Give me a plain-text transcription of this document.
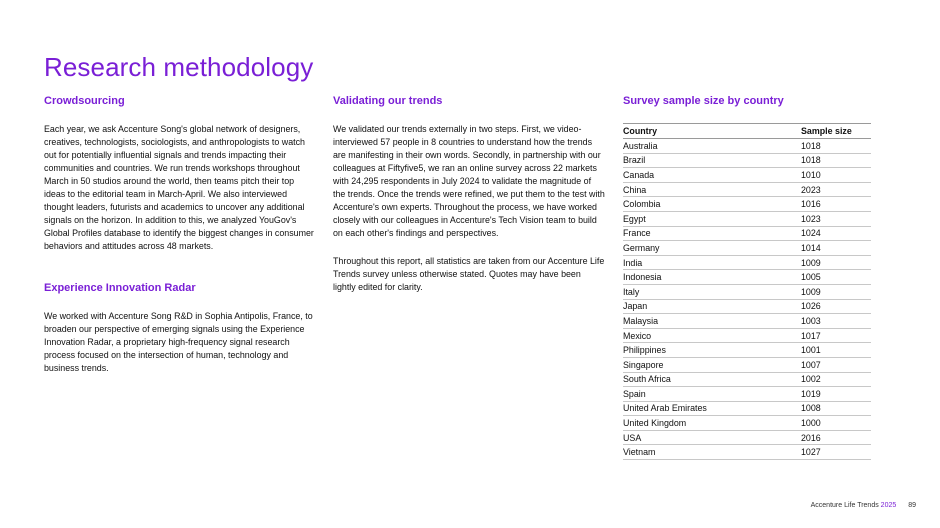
Research methodology
Crowdsourcing

Each year, we ask Accenture Song's global network of designers, creatives, technologists, sociologists, and anthropologists to watch out for potentially influential signals and trends impacting their communities and countries. We run trends workshops throughout March in 50 studios around the world, then teams pitch their top ideas to the editorial team in March-April. We also interviewed thought leaders, futurists and academics to uncover any additional signals on the horizon. In addition to this, we analyzed YouGov's Global Profiles database to identify the biggest changes in consumer behaviors and attitudes across 48 markets.

Experience Innovation Radar

We worked with Accenture Song R&D in Sophia Antipolis, France, to broaden our perspective of emerging signals using the Experience Innovation Radar, a proprietary high-frequency signal research process focused on the intersection of human, technology and business trends.

Validating our trends

We validated our trends externally in two steps. First, we video-interviewed 57 people in 8 countries to understand how the trends are manifesting in their own words. Secondly, in partnership with our colleagues at Fiftyfive5, we ran an online survey across 22 markets with 24,295 respondents in July 2024 to validate the magnitude of the trends. Once the trends were refined, we put them to the test with Accenture's own experts. Throughout the process, we have worked closely with our colleagues in Accenture's Tech Vision team to build on each other's findings and perspectives.

Throughout this report, all statistics are taken from our Accenture Life Trends survey unless otherwise stated. Quotes may have been lightly edited for clarity.

Survey sample size by country
Country	Sample size
Australia	1018
Brazil	1018
Canada	1010
China	2023
Colombia	1016
Egypt	1023
France	1024
Germany	1014
India	1009
Indonesia	1005
Italy	1009
Japan	1026
Malaysia	1003
Mexico	1017
Philippines	1001
Singapore	1007
South Africa	1002
Spain	1019
United Arab Emirates	1008
United Kingdom	1000
USA	2016
Vietnam	1027
Accenture Life Trends 2025 89
